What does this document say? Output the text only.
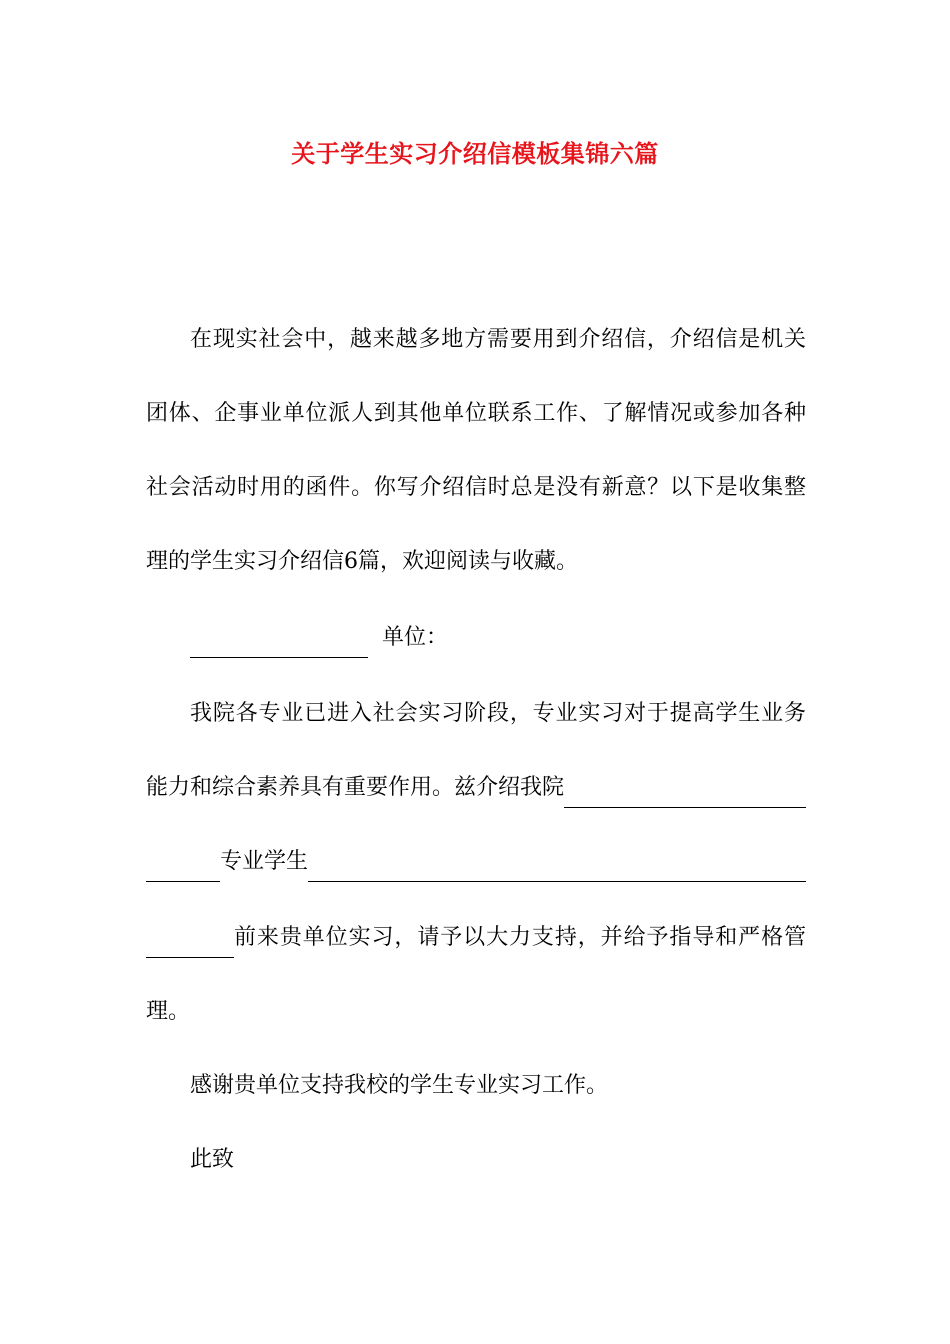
关于学生实习介绍信模板集锦六篇
在现实社会中，越来越多地方需要用到介绍信，介绍信是机关
团体、企事业单位派人到其他单位联系工作、了解情况或参加各种
社会活动时用的函件。你写介绍信时总是没有新意？以下是收集整
理的学生实习介绍信6篇，欢迎阅读与收藏。
单位：
我院各专业已进入社会实习阶段，专业实习对于提高学生业务
能力和综合素养具有重要作用。兹介绍我院
专业学生
前来贵单位实习，请予以大力支持，并给予指导和严格管
理。
感谢贵单位支持我校的学生专业实习工作。
此致
